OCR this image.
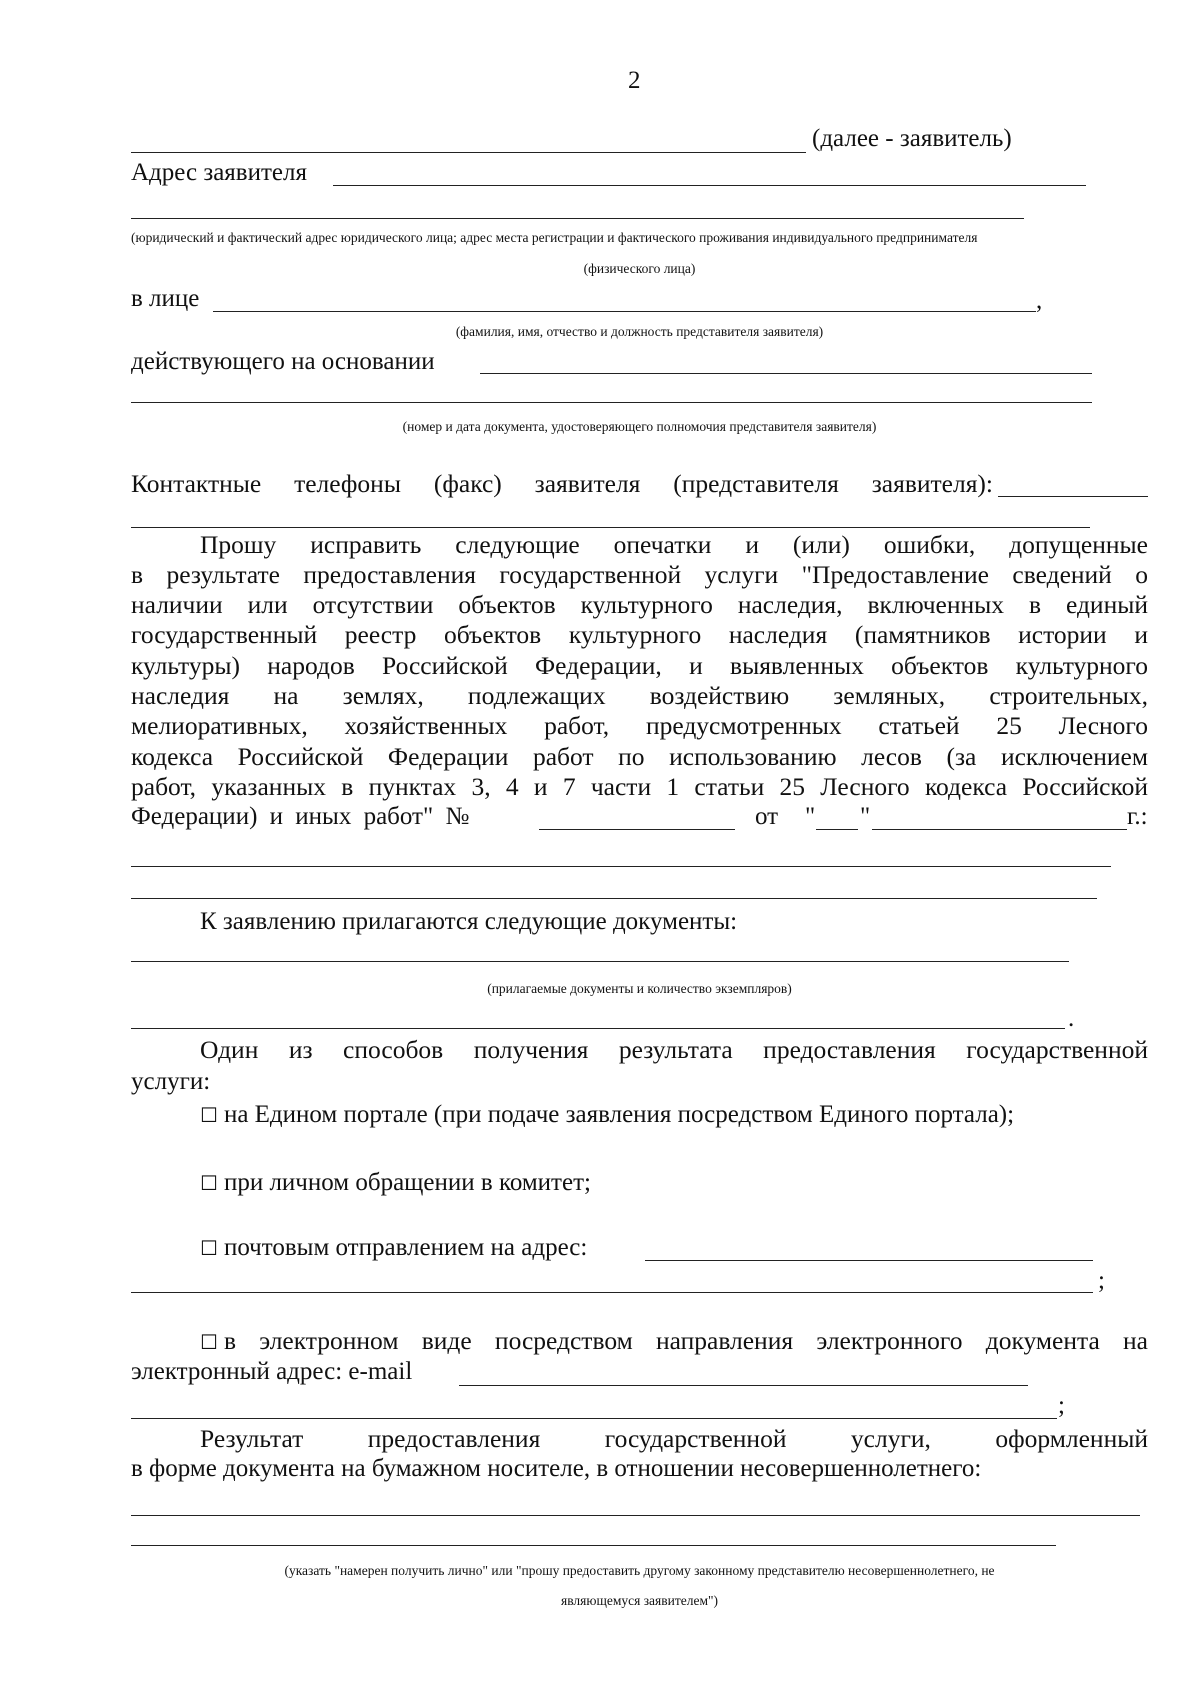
2
(далее - заявитель)
Адрес заявителя
(юридический и фактический адрес юридического лица; адрес места регистрации и фактического проживания индивидуального предпринимателя
(физического лица)
в лице	,
(фамилия, имя, отчество и должность представителя заявителя)
действующего на основании
(номер и дата документа, удостоверяющего полномочия представителя заявителя)
Контактные телефоны (факс) заявителя (представителя заявителя):
Прошу исправить следующие опечатки и (или) ошибки, допущенные
в результате предоставления государственной услуги "Предоставление сведений о
наличии или отсутствии объектов культурного наследия, включенных в единый
государственный реестр объектов культурного наследия (памятников истории и
культуры) народов Российской Федерации, и выявленных объектов культурного
наследия на землях, подлежащих воздействию земляных, строительных,
мелиоративных, хозяйственных работ, предусмотренных статьей 25 Лесного
кодекса Российской Федерации работ по использованию лесов (за исключением
работ, указанных в пунктах 3, 4 и 7 части 1 статьи 25 Лесного кодекса Российской
Федерации) и иных работ" №	от " "	г.:
К заявлению прилагаются следующие документы:
(прилагаемые документы и количество экземпляров)
.
Один из способов получения результата предоставления государственной
услуги:
☐ на Едином портале (при подаче заявления посредством Единого портала);
☐ при личном обращении в комитет;
☐ почтовым отправлением на адрес:
;
☐ в электронном виде посредством направления электронного документа на
электронный адрес: e-mail
;
Результат предоставления государственной услуги, оформленный
в форме документа на бумажном носителе, в отношении несовершеннолетнего:
(указать "намерен получить лично" или "прошу предоставить другому законному представителю несовершеннолетнего, не
являющемуся заявителем")
